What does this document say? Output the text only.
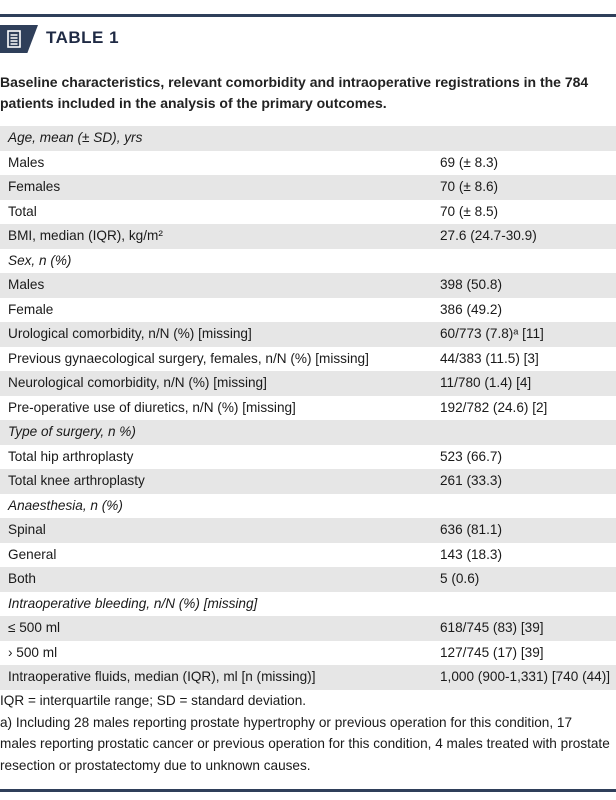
TABLE 1
Baseline characteristics, relevant comorbidity and intraoperative registrations in the 784 patients included in the analysis of the primary outcomes.
Age, mean (± SD), yrs
Males	69 (± 8.3)
Females	70 (± 8.6)
Total	70 (± 8.5)
BMI, median (IQR), kg/m²	27.6 (24.7-30.9)
Sex, n (%)
Males	398 (50.8)
Female	386 (49.2)
Urological comorbidity, n/N (%) [missing]	60/773 (7.8)ᵃ [11]
Previous gynaecological surgery, females, n/N (%) [missing]	44/383 (11.5) [3]
Neurological comorbidity, n/N (%) [missing]	11/780 (1.4) [4]
Pre-operative use of diuretics, n/N (%) [missing]	192/782 (24.6) [2]
Type of surgery, n %)
Total hip arthroplasty	523 (66.7)
Total knee arthroplasty	261 (33.3)
Anaesthesia, n (%)
Spinal	636 (81.1)
General	143 (18.3)
Both	5 (0.6)
Intraoperative bleeding, n/N (%) [missing]
≤ 500 ml	618/745 (83) [39]
› 500 ml	127/745 (17) [39]
Intraoperative fluids, median (IQR), ml [n (missing)]	1,000 (900-1,331) [740 (44)]
IQR = interquartile range; SD = standard deviation.
a) Including 28 males reporting prostate hypertrophy or previous operation for this condition, 17 males reporting prostatic cancer or previous operation for this condition, 4 males treated with prostate resection or prostatectomy due to unknown causes.
